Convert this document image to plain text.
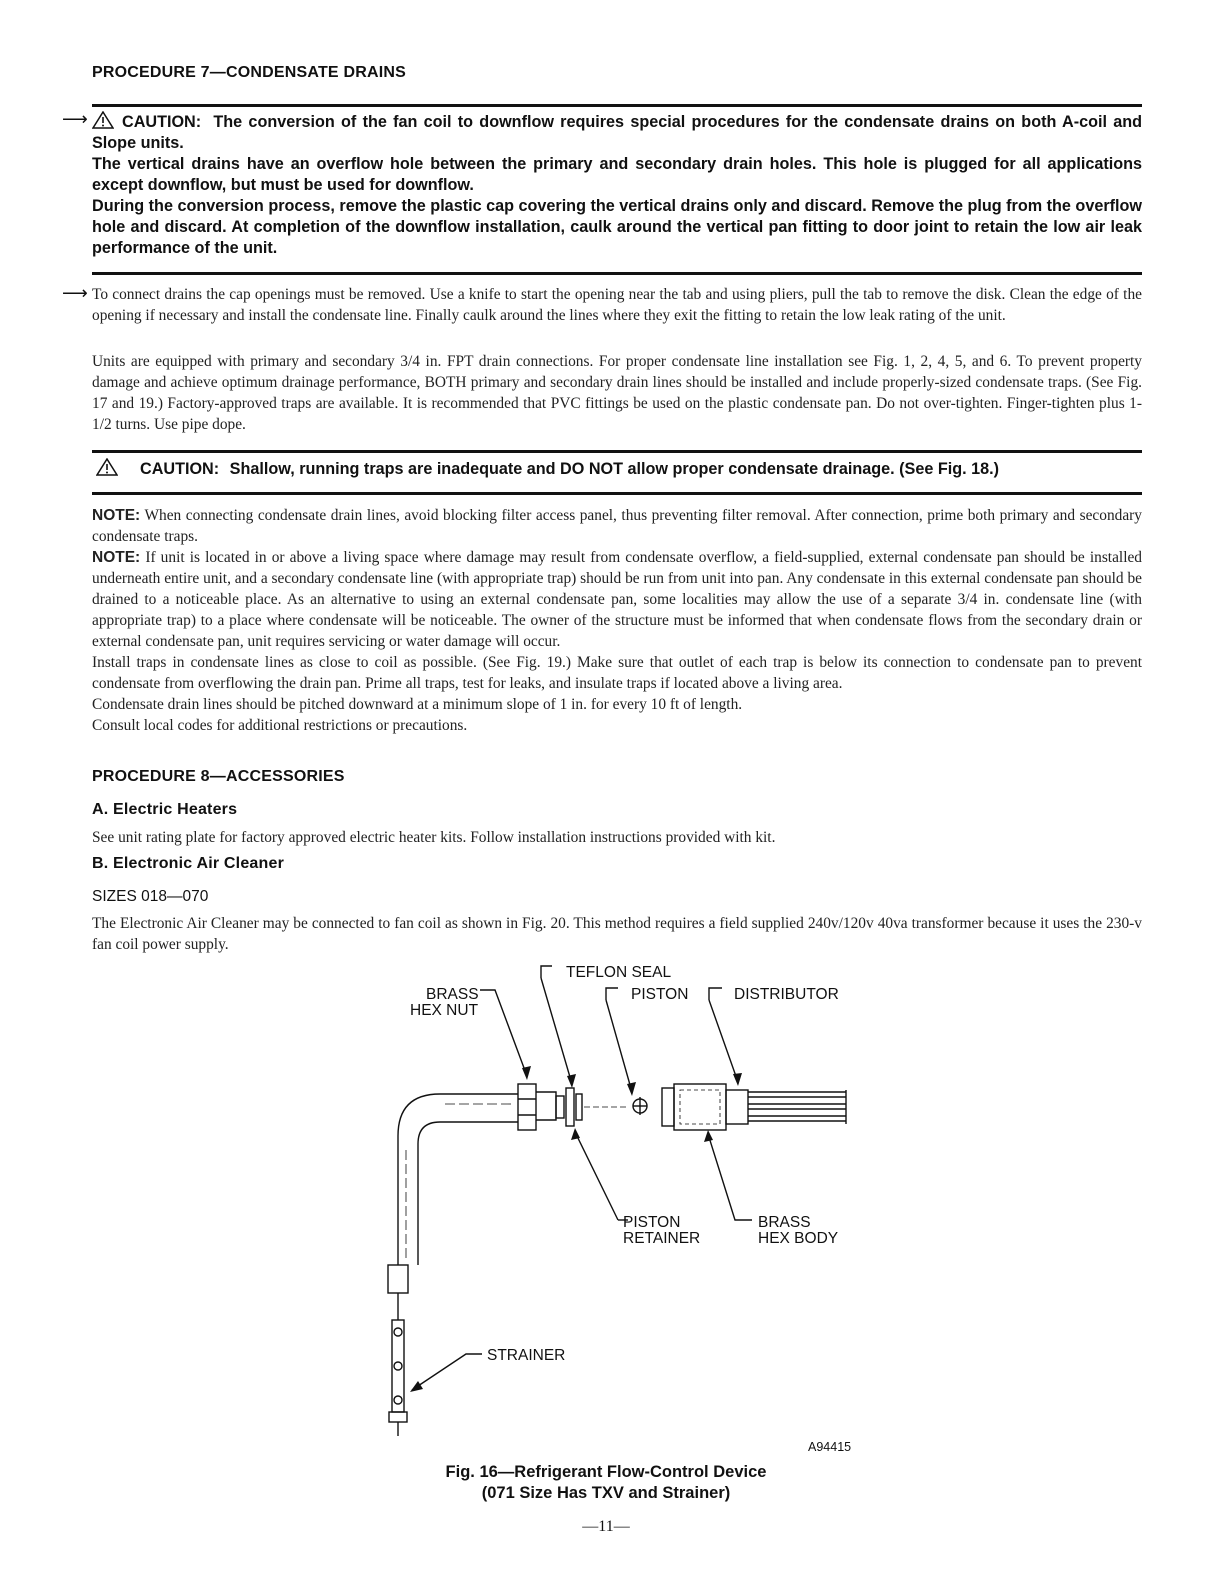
PROCEDURE 7—CONDENSATE DRAINS
⟶	CAUTION: The conversion of the fan coil to downflow requires special procedures for the condensate drains on both A-coil and Slope units.

The vertical drains have an overflow hole between the primary and secondary drain holes. This hole is plugged for all applications except downflow, but must be used for downflow.

During the conversion process, remove the plastic cap covering the vertical drains only and discard. Remove the plug from the overflow hole and discard. At completion of the downflow installation, caulk around the vertical pan fitting to door joint to retain the low air leak performance of the unit.

⟶ To connect drains the cap openings must be removed. Use a knife to start the opening near the tab and using pliers, pull the tab to remove the disk. Clean the edge of the opening if necessary and install the condensate line. Finally caulk around the lines where they exit the fitting to retain the low leak rating of the unit.
Units are equipped with primary and secondary 3/4 in. FPT drain connections. For proper condensate line installation see Fig. 1, 2, 4, 5, and 6. To prevent property damage and achieve optimum drainage performance, BOTH primary and secondary drain lines should be installed and include properly-sized condensate traps. (See Fig. 17 and 19.) Factory-approved traps are available. It is recommended that PVC fittings be used on the plastic condensate pan. Do not over-tighten. Finger-tighten plus 1-1/2 turns. Use pipe dope.

CAUTION: Shallow, running traps are inadequate and DO NOT allow proper condensate drainage. (See Fig. 18.)

NOTE: When connecting condensate drain lines, avoid blocking filter access panel, thus preventing filter removal. After connection, prime both primary and secondary condensate traps.

NOTE: If unit is located in or above a living space where damage may result from condensate overflow, a field-supplied, external condensate pan should be installed underneath entire unit, and a secondary condensate line (with appropriate trap) should be run from unit into pan. Any condensate in this external condensate pan should be drained to a noticeable place. As an alternative to using an external condensate pan, some localities may allow the use of a separate 3/4 in. condensate line (with appropriate trap) to a place where condensate will be noticeable. The owner of the structure must be informed that when condensate flows from the secondary drain or external condensate pan, unit requires servicing or water damage will occur.

Install traps in condensate lines as close to coil as possible. (See Fig. 19.) Make sure that outlet of each trap is below its connection to condensate pan to prevent condensate from overflowing the drain pan. Prime all traps, test for leaks, and insulate traps if located above a living area.

Condensate drain lines should be pitched downward at a minimum slope of 1 in. for every 10 ft of length.

Consult local codes for additional restrictions or precautions.

PROCEDURE 8—ACCESSORIES
A. Electric Heaters
See unit rating plate for factory approved electric heater kits. Follow installation instructions provided with kit.
B. Electronic Air Cleaner
SIZES 018—070
The Electronic Air Cleaner may be connected to fan coil as shown in Fig. 20. This method requires a field supplied 240v/120v 40va transformer because it uses the 230-v fan coil power supply.
TEFLON SEAL
BRASS
HEX NUT
PISTON	DISTRIBUTOR
PISTON
RETAINER
BRASS
HEX BODY
STRAINER
A94415
Fig. 16—Refrigerant Flow-Control Device
(071 Size Has TXV and Strainer)
—11—
